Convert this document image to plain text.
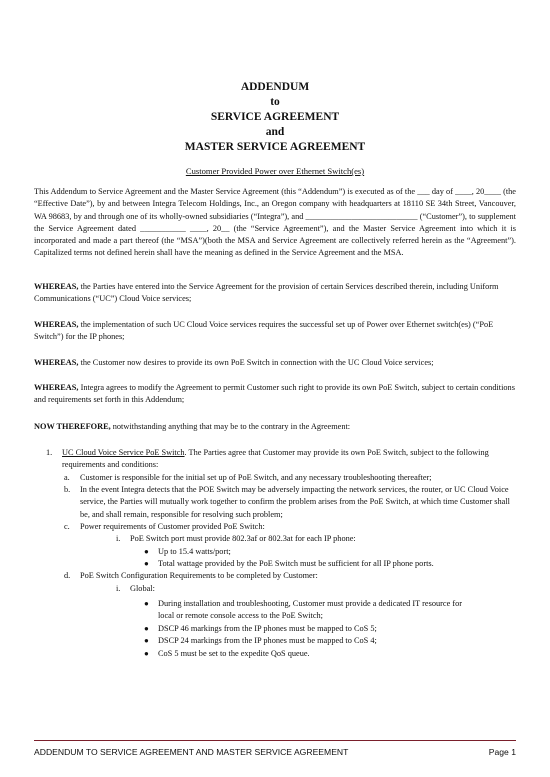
ADDENDUM
to
SERVICE AGREEMENT
and
MASTER SERVICE AGREEMENT
Customer Provided Power over Ethernet Switch(es)
This Addendum to Service Agreement and the Master Service Agreement (this “Addendum”) is executed as of the ___ day of ____, 20____ (the “Effective Date”), by and between Integra Telecom Holdings, Inc., an Oregon company with headquarters at 18110 SE 34th Street, Vancouver, WA 98683, by and through one of its wholly-owned subsidiaries (“Integra”), and ___________________________ (“Customer”), to supplement the Service Agreement dated ___________ ____, 20__ (the “Service Agreement”), and the Master Service Agreement into which it is incorporated and made a part thereof (the “MSA”)(both the MSA and Service Agreement are collectively referred herein as the “Agreement”). Capitalized terms not defined herein shall have the meaning as defined in the Service Agreement and the MSA.
WHEREAS, the Parties have entered into the Service Agreement for the provision of certain Services described therein, including Uniform Communications (“UC”) Cloud Voice services;
WHEREAS, the implementation of such UC Cloud Voice services requires the successful set up of Power over Ethernet switch(es) (“PoE Switch”) for the IP phones;
WHEREAS, the Customer now desires to provide its own PoE Switch in connection with the UC Cloud Voice services;
WHEREAS, Integra agrees to modify the Agreement to permit Customer such right to provide its own PoE Switch, subject to certain conditions and requirements set forth in this Addendum;
NOW THEREFORE, notwithstanding anything that may be to the contrary in the Agreement:
1. UC Cloud Voice Service PoE Switch. The Parties agree that Customer may provide its own PoE Switch, subject to the following requirements and conditions:
a. Customer is responsible for the initial set up of PoE Switch, and any necessary troubleshooting thereafter;
b. In the event Integra detects that the POE Switch may be adversely impacting the network services, the router, or UC Cloud Voice service, the Parties will mutually work together to confirm the problem arises from the PoE Switch, at which time Customer shall be, and shall remain, responsible for resolving such problem;
c. Power requirements of Customer provided PoE Switch:
i. PoE Switch port must provide 802.3af or 802.3at for each IP phone:
● Up to 15.4 watts/port;
● Total wattage provided by the PoE Switch must be sufficient for all IP phone ports.
d. PoE Switch Configuration Requirements to be completed by Customer:
i. Global:
● During installation and troubleshooting, Customer must provide a dedicated IT resource for local or remote console access to the PoE Switch;
● DSCP 46 markings from the IP phones must be mapped to CoS 5;
● DSCP 24 markings from the IP phones must be mapped to CoS 4;
● CoS 5 must be set to the expedite QoS queue.
ADDENDUM TO SERVICE AGREEMENT AND MASTER SERVICE AGREEMENT	Page 1
